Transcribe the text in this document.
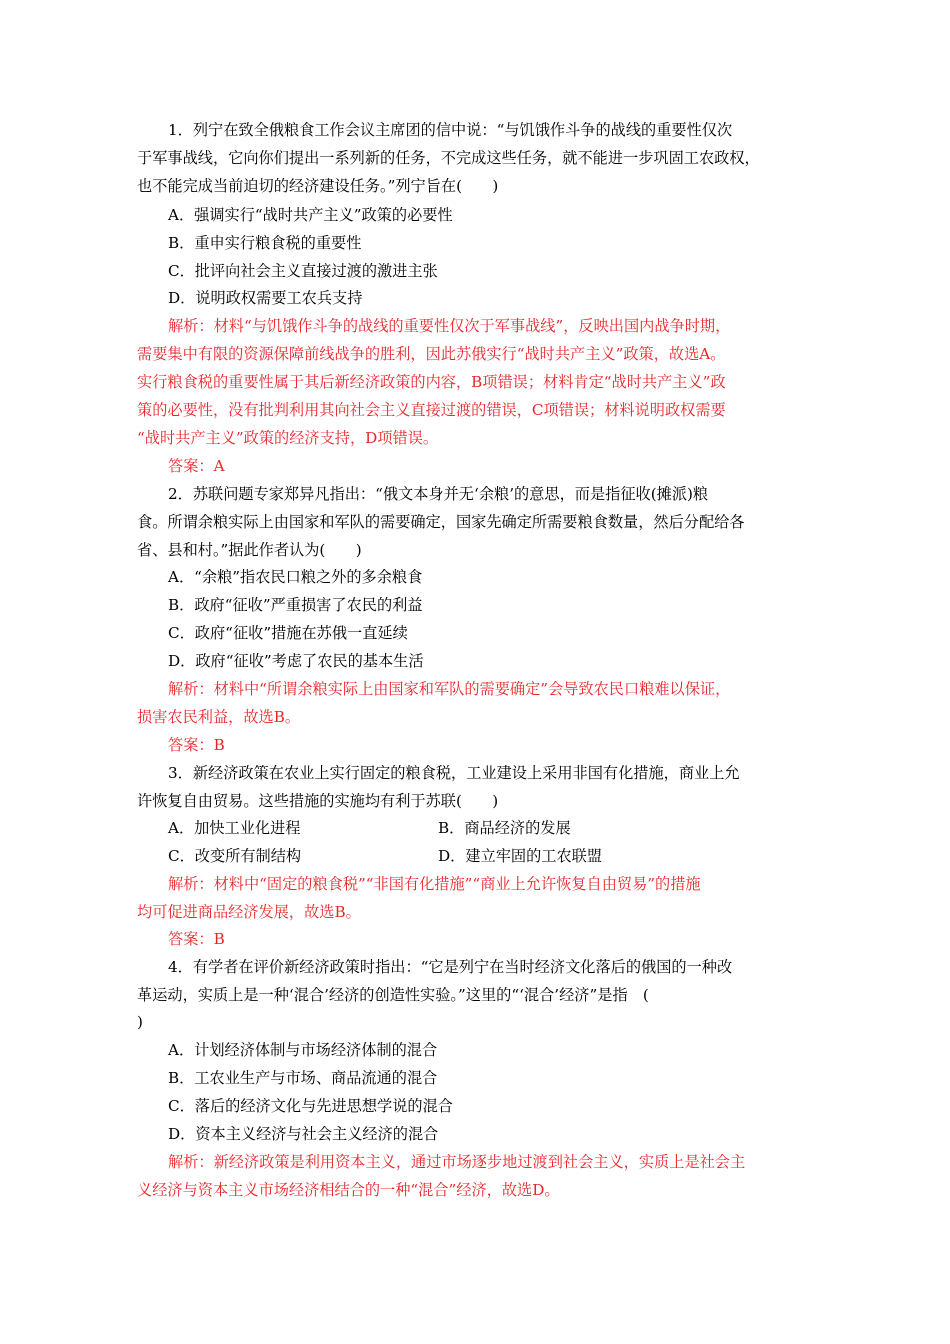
1．列宁在致全俄粮食工作会议主席团的信中说：“与饥饿作斗争的战线的重要性仅次
于军事战线，它向你们提出一系列新的任务，不完成这些任务，就不能进一步巩固工农政权，
也不能完成当前迫切的经济建设任务。”列宁旨在(　　)
A．强调实行“战时共产主义”政策的必要性
B．重申实行粮食税的重要性
C．批评向社会主义直接过渡的激进主张
D．说明政权需要工农兵支持
解析：材料“与饥饿作斗争的战线的重要性仅次于军事战线”，反映出国内战争时期，
需要集中有限的资源保障前线战争的胜利，因此苏俄实行“战时共产主义”政策，故选A。
实行粮食税的重要性属于其后新经济政策的内容，B项错误；材料肯定“战时共产主义”政
策的必要性，没有批判利用其向社会主义直接过渡的错误，C项错误；材料说明政权需要
“战时共产主义”政策的经济支持，D项错误。
答案：A
2．苏联问题专家郑异凡指出：“俄文本身并无‘余粮’的意思，而是指征收(摊派)粮
食。所谓余粮实际上由国家和军队的需要确定，国家先确定所需要粮食数量，然后分配给各
省、县和村。”据此作者认为(　　)
A．“余粮”指农民口粮之外的多余粮食
B．政府“征收”严重损害了农民的利益
C．政府“征收”措施在苏俄一直延续
D．政府“征收”考虑了农民的基本生活
解析：材料中“所谓余粮实际上由国家和军队的需要确定”会导致农民口粮难以保证，
损害农民利益，故选B。
答案：B
3．新经济政策在农业上实行固定的粮食税，工业建设上采用非国有化措施，商业上允
许恢复自由贸易。这些措施的实施均有利于苏联(　　)
A．加快工业化进程	B．商品经济的发展
C．改变所有制结构	D．建立牢固的工农联盟
解析：材料中“固定的粮食税”“非国有化措施”“商业上允许恢复自由贸易”的措施
均可促进商品经济发展，故选B。
答案：B
4．有学者在评价新经济政策时指出：“它是列宁在当时经济文化落后的俄国的一种改
革运动，实质上是一种‘混合’经济的创造性实验。”这里的“‘混合’经济”是指　(
)
A．计划经济体制与市场经济体制的混合
B．工农业生产与市场、商品流通的混合
C．落后的经济文化与先进思想学说的混合
D．资本主义经济与社会主义经济的混合
解析：新经济政策是利用资本主义，通过市场逐步地过渡到社会主义，实质上是社会主
义经济与资本主义市场经济相结合的一种“混合”经济，故选D。
